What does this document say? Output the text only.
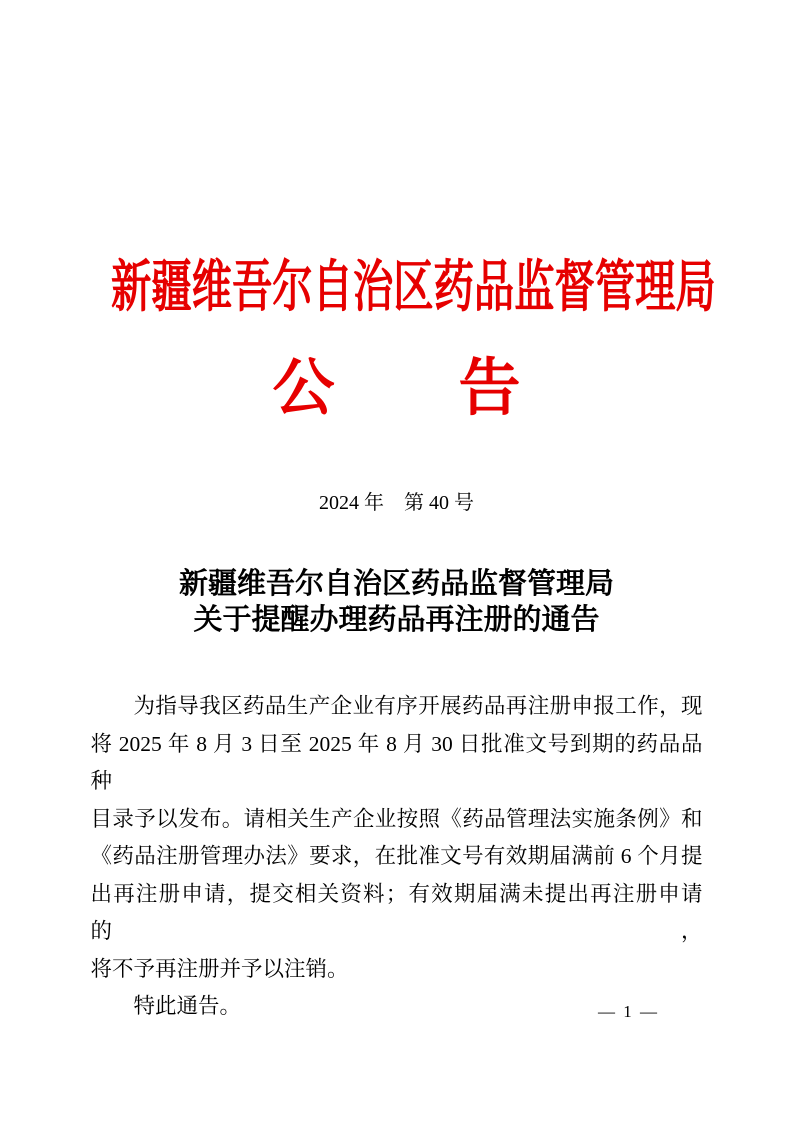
新疆维吾尔自治区药品监督管理局
公　　告
2024 年　第 40 号
新疆维吾尔自治区药品监督管理局
关于提醒办理药品再注册的通告
为指导我区药品生产企业有序开展药品再注册申报工作，现
将 2025 年 8 月 3 日至 2025 年 8 月 30 日批准文号到期的药品品种
目录予以发布。请相关生产企业按照《药品管理法实施条例》和
《药品注册管理办法》要求，在批准文号有效期届满前 6 个月提
出再注册申请，提交相关资料；有效期届满未提出再注册申请的，
将不予再注册并予以注销。
特此通告。	— 1 —
